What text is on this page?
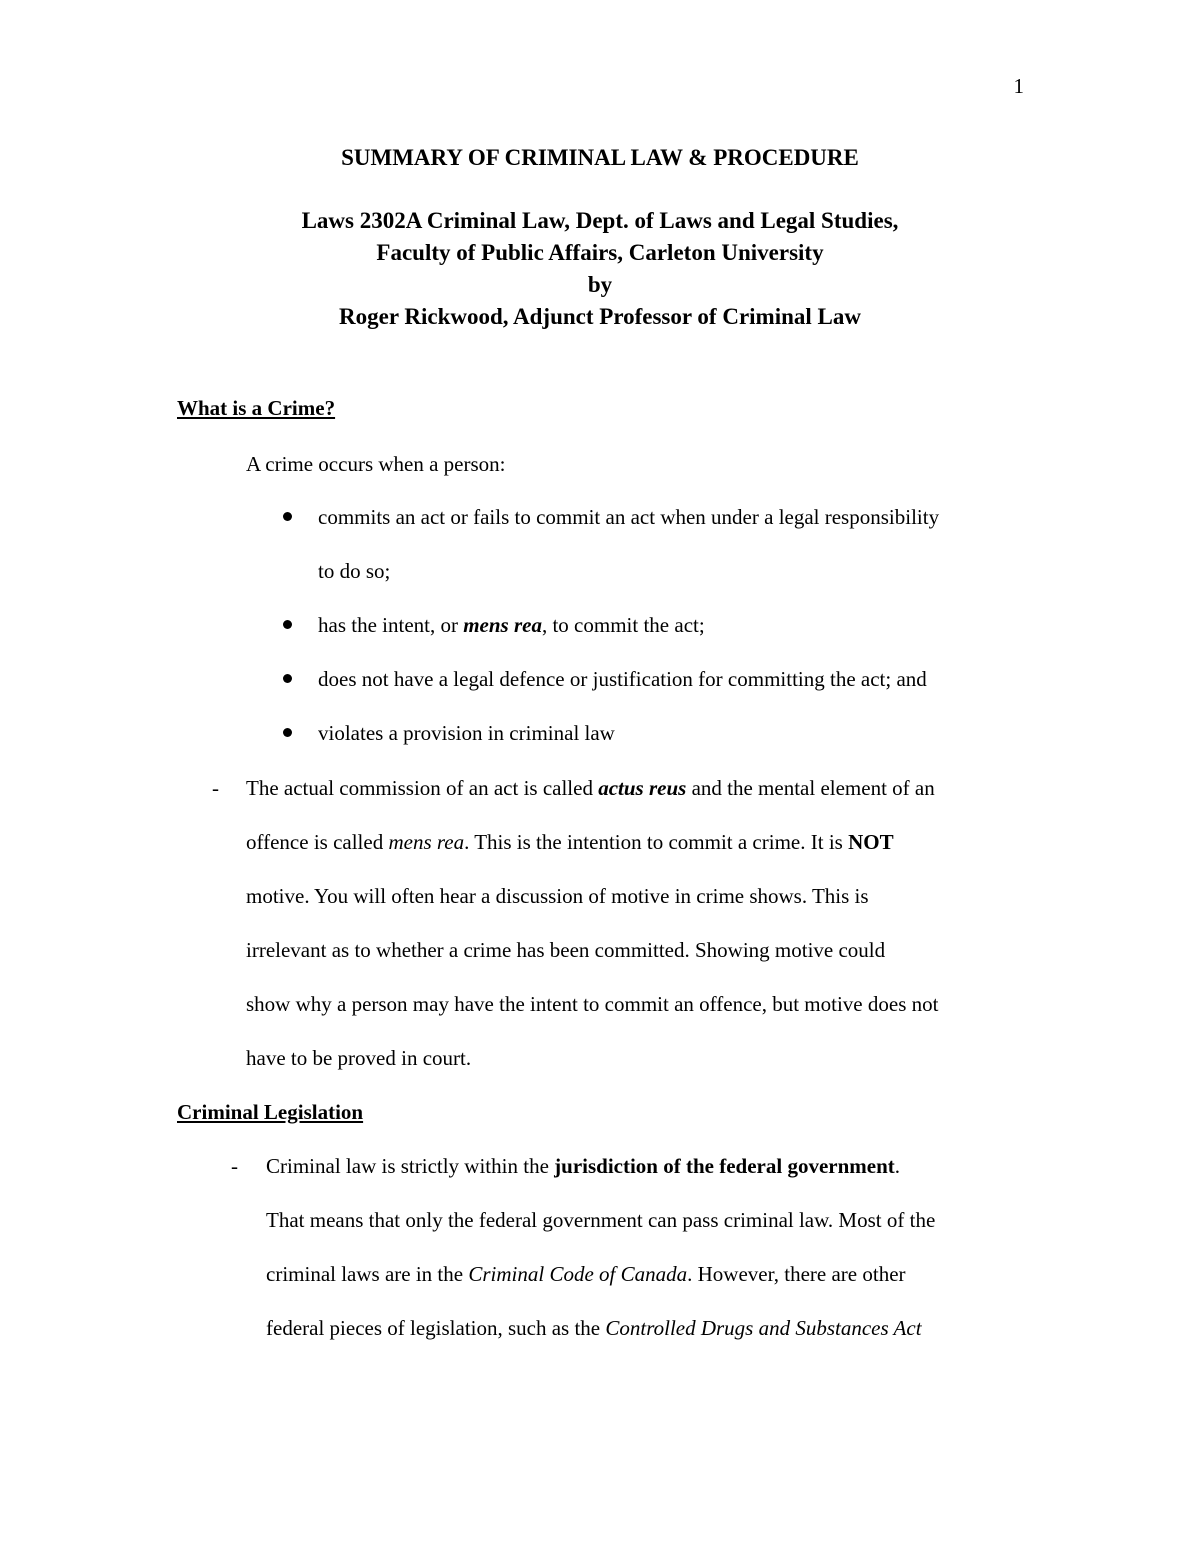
1
SUMMARY OF CRIMINAL LAW & PROCEDURE
Laws 2302A Criminal Law, Dept. of Laws and Legal Studies,
Faculty of Public Affairs, Carleton University
by
Roger Rickwood, Adjunct Professor of Criminal Law
What is a Crime?
A crime occurs when a person:
commits an act or fails to commit an act when under a legal responsibility
to do so;
has the intent, or mens rea, to commit the act;
does not have a legal defence or justification for committing the act; and
violates a provision in criminal law
- The actual commission of an act is called actus reus and the mental element of an
offence is called mens rea. This is the intention to commit a crime. It is NOT
motive. You will often hear a discussion of motive in crime shows. This is
irrelevant as to whether a crime has been committed. Showing motive could
show why a person may have the intent to commit an offence, but motive does not
have to be proved in court.
Criminal Legislation
- Criminal law is strictly within the jurisdiction of the federal government.
That means that only the federal government can pass criminal law. Most of the
criminal laws are in the Criminal Code of Canada. However, there are other
federal pieces of legislation, such as the Controlled Drugs and Substances Act
